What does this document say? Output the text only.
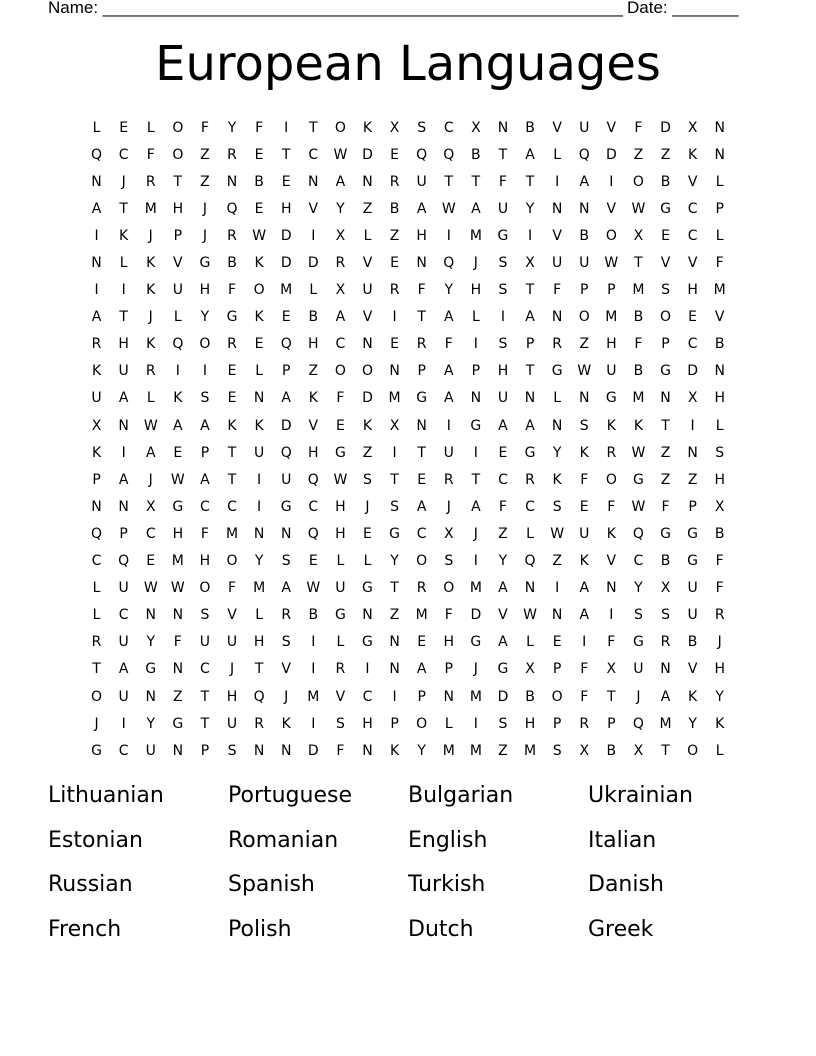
Name: _______________________________________________________ Date: _______
European Languages
L	E	L	O	F	Y	F	I	T	O	K	X	S	C	X	N	B	V	U	V	F	D	X	N
Q	C	F	O	Z	R	E	T	C	W	D	E	Q	Q	B	T	A	L	Q	D	Z	Z	K	N
N	J	R	T	Z	N	B	E	N	A	N	R	U	T	T	F	T	I	A	I	O	B	V	L
A	T	M	H	J	Q	E	H	V	Y	Z	B	A	W	A	U	Y	N	N	V	W	G	C	P
I	K	J	P	J	R	W	D	I	X	L	Z	H	I	M	G	I	V	B	O	X	E	C	L
N	L	K	V	G	B	K	D	D	R	V	E	N	Q	J	S	X	U	U	W	T	V	V	F
I	I	K	U	H	F	O	M	L	X	U	R	F	Y	H	S	T	F	P	P	M	S	H	M
A	T	J	L	Y	G	K	E	B	A	V	I	T	A	L	I	A	N	O	M	B	O	E	V
R	H	K	Q	O	R	E	Q	H	C	N	E	R	F	I	S	P	R	Z	H	F	P	C	B
K	U	R	I	I	E	L	P	Z	O	O	N	P	A	P	H	T	G	W	U	B	G	D	N
U	A	L	K	S	E	N	A	K	F	D	M	G	A	N	U	N	L	N	G	M	N	X	H
X	N	W	A	A	K	K	D	V	E	K	X	N	I	G	A	A	N	S	K	K	T	I	L
K	I	A	E	P	T	U	Q	H	G	Z	I	T	U	I	E	G	Y	K	R	W	Z	N	S
P	A	J	W	A	T	I	U	Q	W	S	T	E	R	T	C	R	K	F	O	G	Z	Z	H
N	N	X	G	C	C	I	G	C	H	J	S	A	J	A	F	C	S	E	F	W	F	P	X
Q	P	C	H	F	M	N	N	Q	H	E	G	C	X	J	Z	L	W	U	K	Q	G	G	B
C	Q	E	M	H	O	Y	S	E	L	L	Y	O	S	I	Y	Q	Z	K	V	C	B	G	F
L	U	W W	O	F	M	A	W	U	G	T	R	O	M	A	N	I	A	N	Y	X	U	F
L	C	N	N	S	V	L	R	B	G	N	Z	M	F	D	V	W	N	A	I	S	S	U	R
R	U	Y	F	U	U	H	S	I	L	G	N	E	H	G	A	L	E	I	F	G	R	B	J
T	A	G	N	C	J	T	V	I	R	I	N	A	P	J	G	X	P	F	X	U	N	V	H
O	U	N	Z	T	H	Q	J	M	V	C	I	P	N	M	D	B	O	F	T	J	A	K	Y
J	I	Y	G	T	U	R	K	I	S	H	P	O	L	I	S	H	P	R	P	Q	M	Y	K
G	C	U	N	P	S	N	N	D	F	N	K	Y	M	M	Z	M	S	X	B	X	T	O	L
Lithuanian	Portuguese	Bulgarian	Ukrainian
Estonian	Romanian	English	Italian
Russian	Spanish	Turkish	Danish
French	Polish	Dutch	Greek
